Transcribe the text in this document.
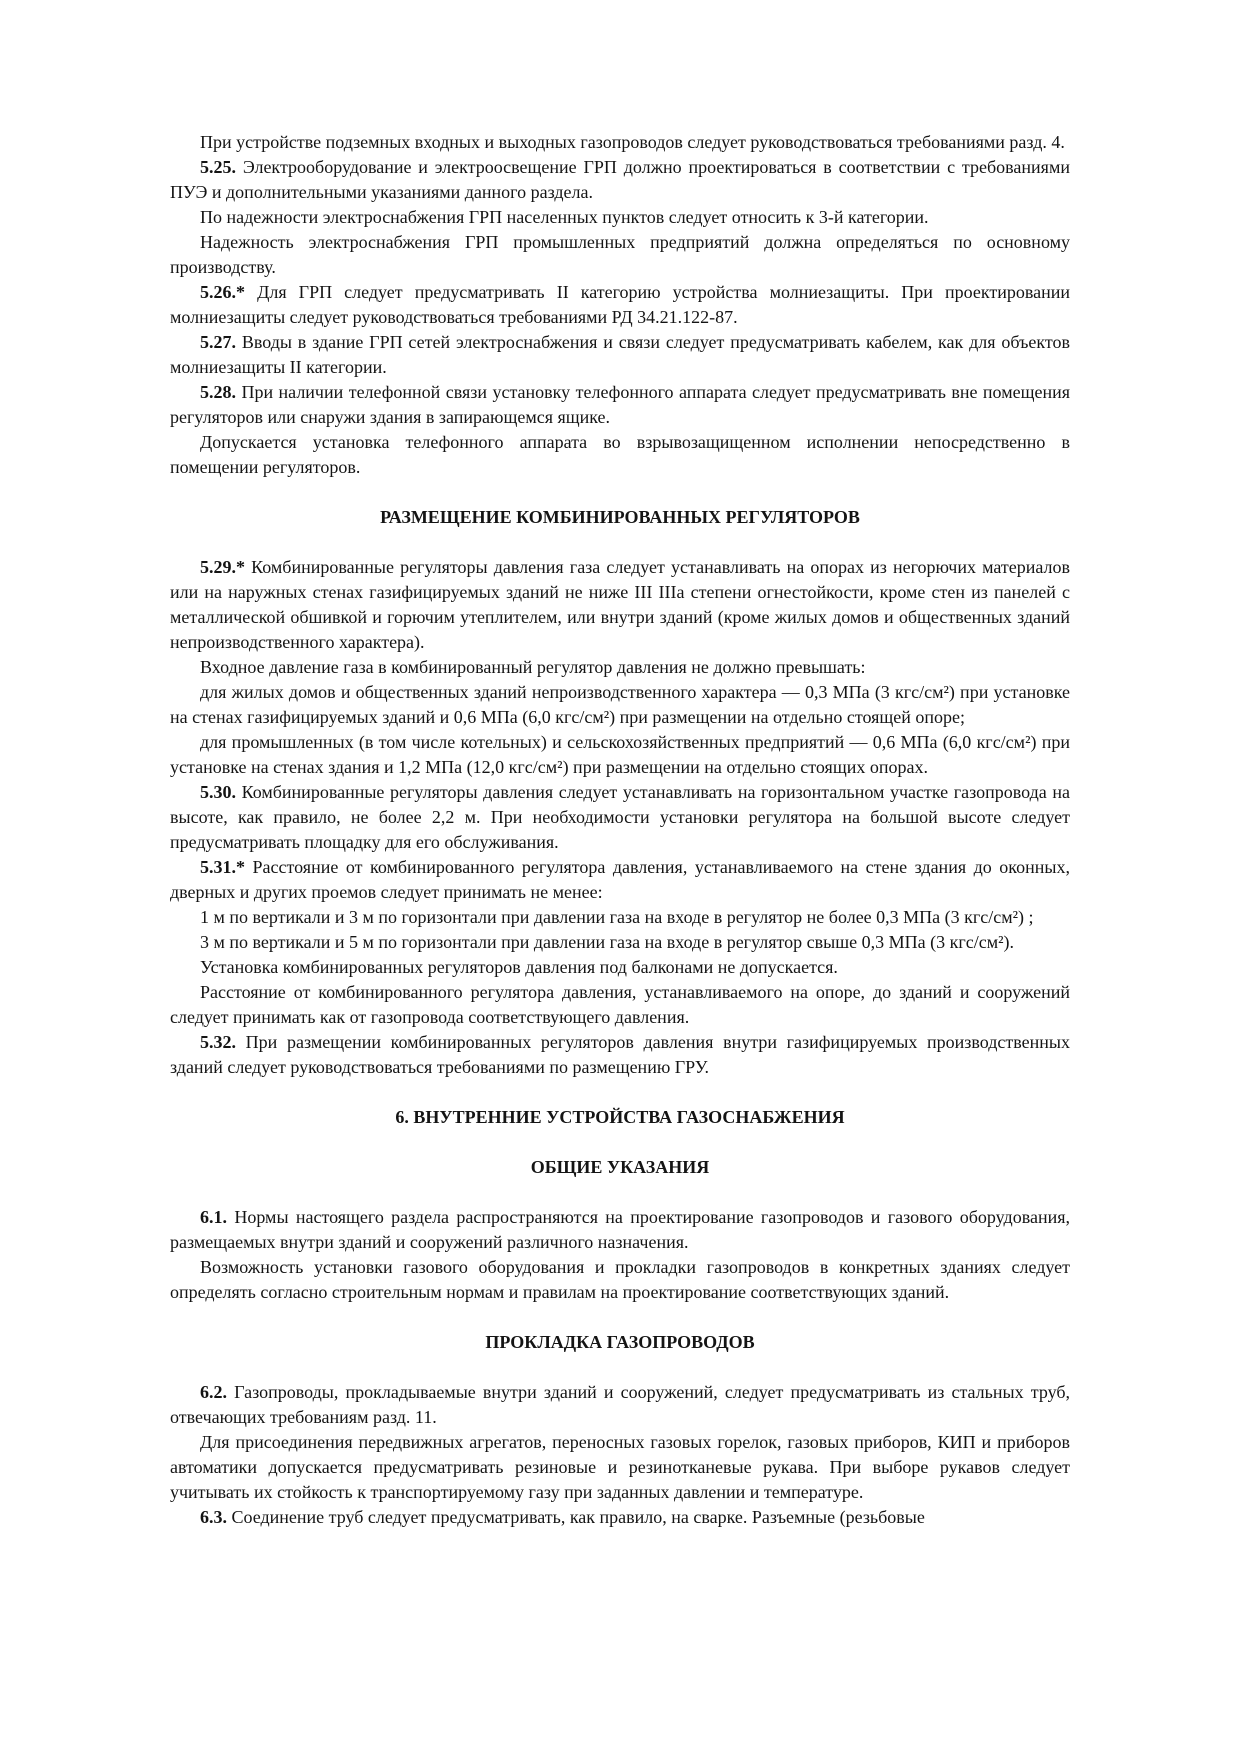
При устройстве подземных входных и выходных газопроводов следует руководствоваться требованиями разд. 4.

5.25. Электрооборудование и электроосвещение ГРП должно проектироваться в соответствии с требованиями ПУЭ и дополнительными указаниями данного раздела.

По надежности электроснабжения ГРП населенных пунктов следует относить к 3-й категории.

Надежность электроснабжения ГРП промышленных предприятий должна определяться по основному производству.

5.26.* Для ГРП следует предусматривать II категорию устройства молниезащиты. При проектировании молниезащиты следует руководствоваться требованиями РД 34.21.122-87.

5.27. Вводы в здание ГРП сетей электроснабжения и связи следует предусматривать кабелем, как для объектов молниезащиты II категории.

5.28. При наличии телефонной связи установку телефонного аппарата следует предусматривать вне помещения регуляторов или снаружи здания в запирающемся ящике.

Допускается установка телефонного аппарата во взрывозащищенном исполнении непосредственно в помещении регуляторов.

РАЗМЕЩЕНИЕ КОМБИНИРОВАННЫХ РЕГУЛЯТОРОВ

5.29.* Комбинированные регуляторы давления газа следует устанавливать на опорах из негорючих материалов или на наружных стенах газифицируемых зданий не ниже III IIIa степени огнестойкости, кроме стен из панелей с металлической обшивкой и горючим утеплителем, или внутри зданий (кроме жилых домов и общественных зданий непроизводственного характера).

Входное давление газа в комбинированный регулятор давления не должно превышать:

для жилых домов и общественных зданий непроизводственного характера — 0,3 МПа (3 кгс/см²) при установке на стенах газифицируемых зданий и 0,6 МПа (6,0 кгс/см²) при размещении на отдельно стоящей опоре;

для промышленных (в том числе котельных) и сельскохозяйственных предприятий — 0,6 МПа (6,0 кгс/см²) при установке на стенах здания и 1,2 МПа (12,0 кгс/см²) при размещении на отдельно стоящих опорах.

5.30. Комбинированные регуляторы давления следует устанавливать на горизонтальном участке газопровода на высоте, как правило, не более 2,2 м. При необходимости установки регулятора на большой высоте следует предусматривать площадку для его обслуживания.

5.31.* Расстояние от комбинированного регулятора давления, устанавливаемого на стене здания до оконных, дверных и других проемов следует принимать не менее:

1 м по вертикали и 3 м по горизонтали при давлении газа на входе в регулятор не более 0,3 МПа (3 кгс/см²) ;

3 м по вертикали и 5 м по горизонтали при давлении газа на входе в регулятор свыше 0,3 МПа (3 кгс/см²).

Установка комбинированных регуляторов давления под балконами не допускается.

Расстояние от комбинированного регулятора давления, устанавливаемого на опоре, до зданий и сооружений следует принимать как от газопровода соответствующего давления.

5.32. При размещении комбинированных регуляторов давления внутри газифицируемых производственных зданий следует руководствоваться требованиями по размещению ГРУ.

6. ВНУТРЕННИЕ УСТРОЙСТВА ГАЗОСНАБЖЕНИЯ
ОБЩИЕ УКАЗАНИЯ

6.1. Нормы настоящего раздела распространяются на проектирование газопроводов и газового оборудования, размещаемых внутри зданий и сооружений различного назначения.

Возможность установки газового оборудования и прокладки газопроводов в конкретных зданиях следует определять согласно строительным нормам и правилам на проектирование соответствующих зданий.

ПРОКЛАДКА ГАЗОПРОВОДОВ

6.2. Газопроводы, прокладываемые внутри зданий и сооружений, следует предусматривать из стальных труб, отвечающих требованиям разд. 11.

Для присоединения передвижных агрегатов, переносных газовых горелок, газовых приборов, КИП и приборов автоматики допускается предусматривать резиновые и резинотканевые рукава. При выборе рукавов следует учитывать их стойкость к транспортируемому газу при заданных давлении и температуре.

6.3. Соединение труб следует предусматривать, как правило, на сварке. Разъемные (резьбовые
